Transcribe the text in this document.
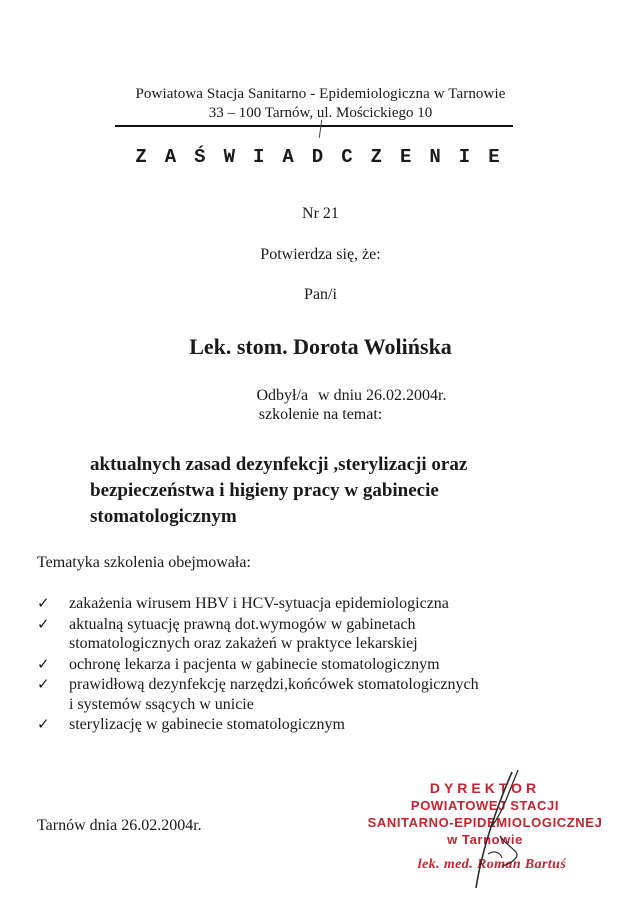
Powiatowa Stacja Sanitarno - Epidemiologiczna w Tarnowie
33 – 100 Tarnów, ul. Mościckiego 10
ZAŚWIADCZENIE
Nr 21
Potwierdza się, że:
Pan/i
Lek. stom. Dorota Wolińska
Odbył/a w dniu 26.02.2004r.
szkolenie na temat:
aktualnych zasad dezynfekcji ,sterylizacji oraz
bezpieczeństwa i higieny pracy w gabinecie
stomatologicznym
Tematyka szkolenia obejmowała:
✓ zakażenia wirusem HBV i HCV-sytuacja epidemiologiczna
✓ aktualną sytuację prawną dot.wymogów w gabinetach
stomatologicznych oraz zakażeń w praktyce lekarskiej
✓ ochronę lekarza i pacjenta w gabinecie stomatologicznym
✓ prawidłową dezynfekcję narzędzi,końcówek stomatologicznych
i systemów ssących w unicie
✓ sterylizację w gabinecie stomatologicznym
Tarnów dnia 26.02.2004r.
DYREKTOR
POWIATOWEJ STACJI
SANITARNO-EPIDEMIOLOGICZNEJ
w Tarnowie
lek. med. Roman Bartuś
